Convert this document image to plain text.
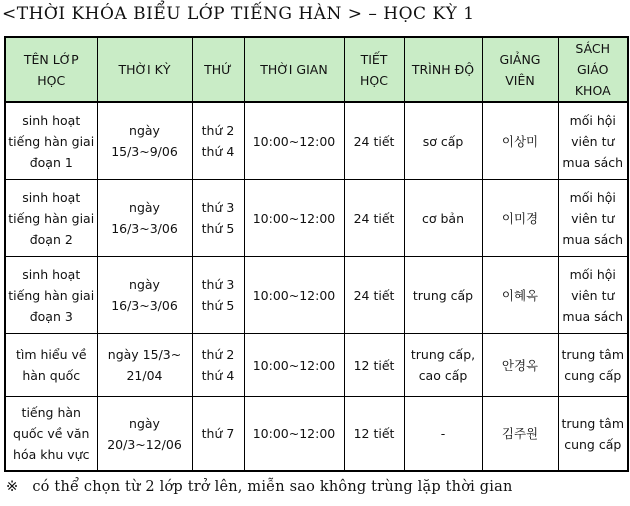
<THỜI KHÓA BIỂU LỚP TIẾNG HÀN > – HỌC KỲ 1
TÊN LỚP HỌC	THỜI KỲ	THỨ	THỜI GIAN	TIẾT HỌC	TRÌNH ĐỘ	GIẢNG VIÊN	SÁCH GIÁO KHOA
sinh hoạt tiếng hàn giai đoạn 1	ngày 15/3~9/06	thứ 2 thứ 4	10:00~12:00	24 tiết	sơ cấp	이상미	mối hội viên tư mua sách
sinh hoạt tiếng hàn giai đoạn 2	ngày 16/3~3/06	thứ 3 thứ 5	10:00~12:00	24 tiết	cơ bản	이미경	mối hội viên tư mua sách
sinh hoạt tiếng hàn giai đoạn 3	ngày 16/3~3/06	thứ 3 thứ 5	10:00~12:00	24 tiết	trung cấp	이혜옥	mối hội viên tư mua sách
tìm hiểu về hàn quốc	ngày 15/3~ 21/04	thứ 2 thứ 4	10:00~12:00	12 tiết	trung cấp, cao cấp	안경옥	trung tâm cung cấp
tiếng hàn quốc về văn hóa khu vực	ngày 20/3~12/06	thứ 7	10:00~12:00	12 tiết	-	김주원	trung tâm cung cấp
※ có thể chọn từ 2 lớp trở lên, miễn sao không trùng lặp thời gian
